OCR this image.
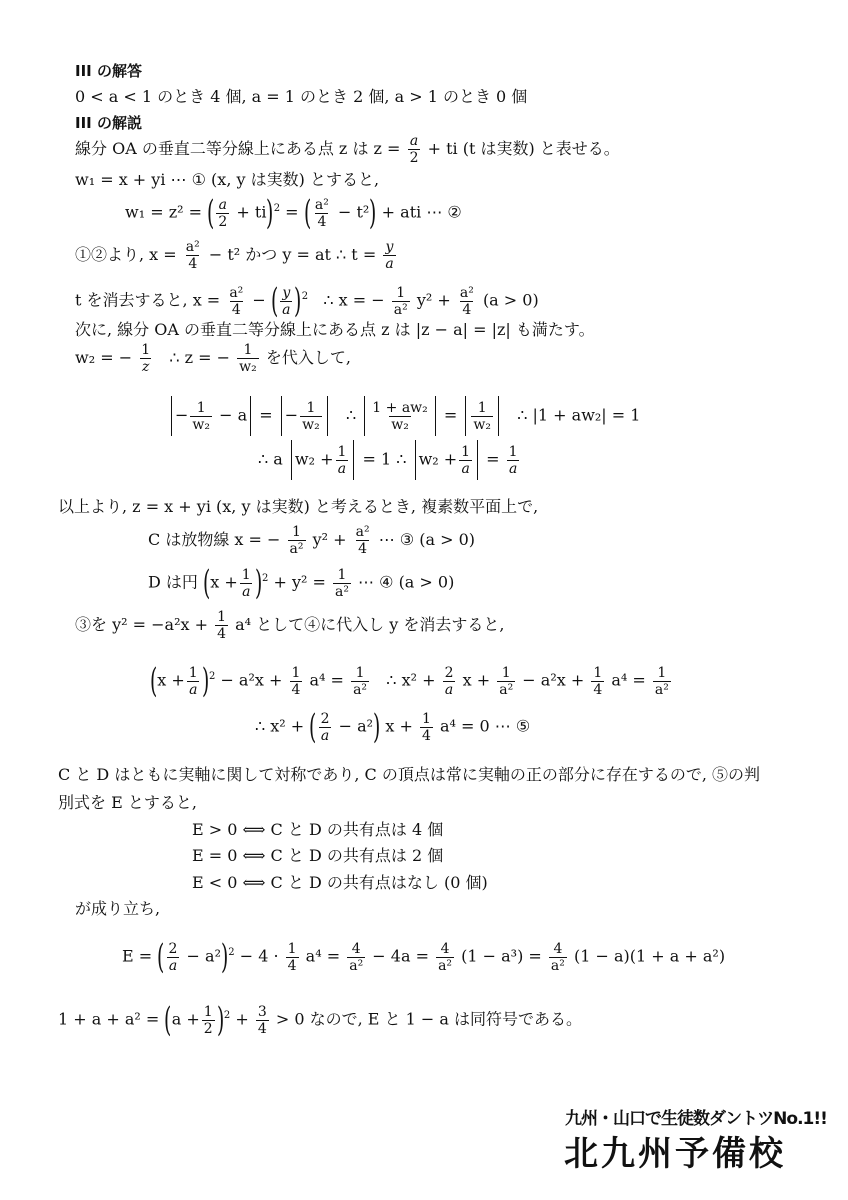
III の解答
0 < a < 1 のとき 4 個, a = 1 のとき 2 個, a > 1 のとき 0 個
III の解説
線分 OA の垂直二等分線上にある点 z は $z = \frac{a}{2}$ + ti (t は実数) と表せる。
w₁ = x + yi ⋯ ① (x, y は実数) とすると,
w₁ = z² = ( $\frac{a}{2} + ti)^2$ = ( $\frac{\text{a²}}{4} - t^2$) + ati ⋯ ②
①②より, $x = \frac{\text{a²}}{4} - t^2$ かつ y = at ∴ $t = \frac{y}{a}$
t を消去すると, $x = \frac{\text{a²}}{4}$ − ( $\frac{y}{a} )^2$ ∴ x = − $\frac{1}{\text{a²}} y^2 + \frac{\text{a²}}{4} (a > 0)$
次に, 線分 OA の垂直二等分線上にある点 z は |z − a| = |z| も満たす。
w₂ = − $\frac{1}{z}$ ∴ z = − $\frac{1}{\text{w₂}}$ を代入して,
− $\frac{1}{\text{w₂}} - a$ = − $\frac{1}{\text{w₂}}$ ∴ $\frac{\text{1 + aw₂}}{\text{w₂}} = \frac{1}{\text{w₂}}$ ∴ |1 + aw₂| = 1
∴ a $w_2 + \frac{1}{a} = 1$ ∴ $w_2 + \frac{1}{a} = \frac{1}{a}$
以上より, z = x + yi (x, y は実数) と考えるとき, 複素数平面上で,
C は放物線 x = − $\frac{1}{\text{a²}} y^2 + \frac{\text{a²}}{4}$ ⋯ ③ (a > 0)
D は円 $(x + \frac{1}{a} )^2 + y^2 = \frac{1}{\text{a²}}$ ⋯ ④ (a > 0)
③を $y^2 = -a^2x + \frac{1}{4} a^4$ として④に代入し y を消去すると,
$(x + \frac{1}{a} )^2 - a^2x + \frac{1}{4} a^4 = \frac{1}{\text{a²}}$ ∴ $x^2 + \frac{2}{a}$ $x + \frac{1}{\text{a²}} - a^2x + \frac{1}{4} a^4 = \frac{1}{\text{a²}}$
∴ x² + ( $\frac{2}{a} - a^2$) $x + \frac{1}{4} a^4 = 0$ ⋯ ⑤
C と D はともに実軸に関して対称であり, C の頂点は常に実軸の正の部分に存在するので, ⑤の判
別式を E とすると,
E > 0 ⟺ C と D の共有点は 4 個
E = 0 ⟺ C と D の共有点は 2 個
E < 0 ⟺ C と D の共有点はなし (0 個)
が成り立ち,
E = ( $\frac{2}{a} - a^2)^2 - 4 \cdot \frac{1}{4} a^4 = \frac{4}{\text{a²}} - 4a = \frac{4}{\text{a²}} (1 - a^3) = \frac{4}{\text{a²}} (1 - a)(1 + a + a^2)$
$1 + a + a^2 = (a + \frac{1}{2} )^2 + \frac{3}{4} > 0$ なので, E と 1 − a は同符号である。
九州・山口で生徒数ダントツNo.1!!
北九州予備校
